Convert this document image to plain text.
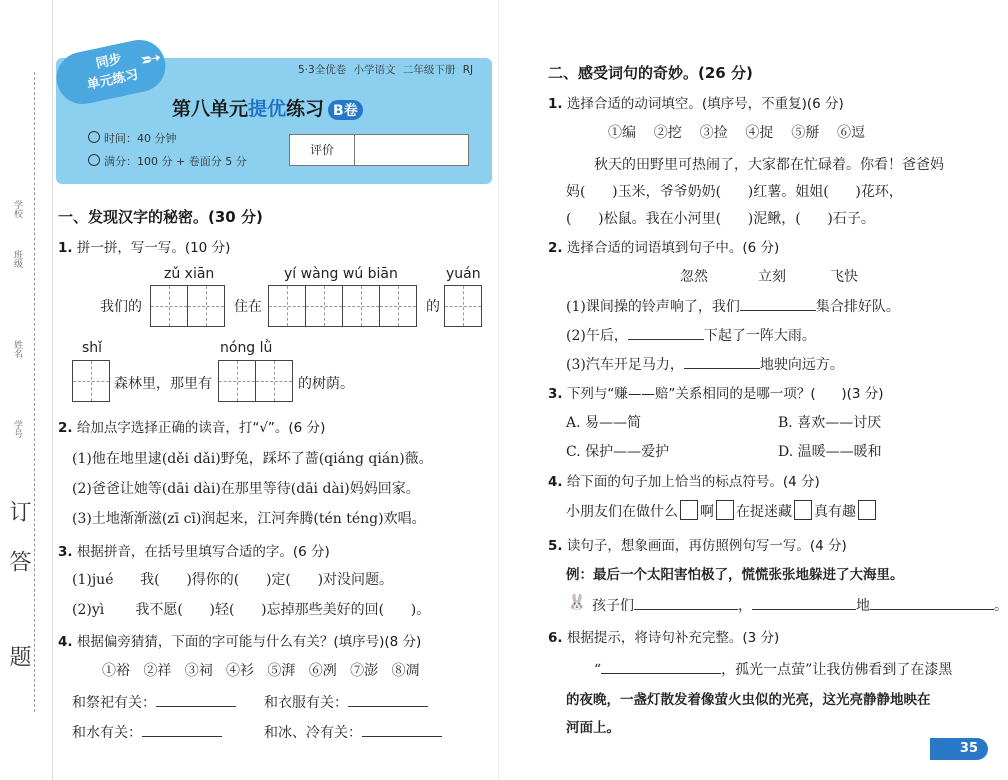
学校
班级
姓名
学号
订
答
题
同步
单元练习
➶	5·3全优卷 小学语文 二年级下册 RJ
第八单元提优练习 B卷
时间：40 分钟
满分：100 分 + 卷面分 5 分
评价
一、发现汉字的秘密。(30 分)
1. 拼一拼，写一写。(10 分)
zǔ xiān	yí wàng wú biān	yuán
我们的	住在	的
shǐ	nóng lǜ
森林里，那里有	的树荫。
2. 给加点字选择正确的读音，打“√”。(6 分)
(1)他在地里逮(děi dǎi)野兔，踩坏了蔷(qiáng qián)薇。
(2)爸爸让她等(dāi dài)在那里等待(dāi dài)妈妈回家。
(3)土地渐渐滋(zī cī)润起来，江河奔腾(tén téng)欢唱。
3. 根据拼音，在括号里填写合适的字。(6 分)
(1)jué      我(      )得你的(      )定(      )对没问题。
(2)yì       我不愿(      )轻(      )忘掉那些美好的回(      )。
4. 根据偏旁猜猜，下面的字可能与什么有关？(填序号)(8 分)
①裕   ②祥   ③祠   ④衫   ⑤湃   ⑥冽   ⑦澎   ⑧凋
和祭祀有关：	和衣服有关：
和水有关：	和冰、冷有关：
二、感受词句的奇妙。(26 分)
1. 选择合适的动词填空。(填序号，不重复)(6 分)
①编    ②挖    ③捡    ④捉    ⑤掰    ⑥逗
秋天的田野里可热闹了，大家都在忙碌着。你看！爸爸妈
妈(      )玉米，爷爷奶奶(      )红薯。姐姐(      )花环，
(      )松鼠。我在小河里(      )泥鳅，(      )石子。
2. 选择合适的词语填到句子中。(6 分)
忽然	立刻	飞快
(1)课间操的铃声响了，我们	集合排好队。
(2)午后，	下起了一阵大雨。
(3)汽车开足马力，	地驶向远方。
3. 下列与“赚——赔”关系相同的是哪一项？(      )(3 分)
A. 易——简	B. 喜欢——讨厌
C. 保护——爱护	D. 温暖——暖和
4. 给下面的句子加上恰当的标点符号。(4 分)
小朋友们在做什么 啊 在捉迷藏 真有趣
5. 读句子，想象画面，再仿照例句写一写。(4 分)
例：最后一个太阳害怕极了，慌慌张张地躲进了大海里。
🐰 孩子们	，	地	。
6. 根据提示，将诗句补充完整。(3 分)
“	，孤光一点萤”让我仿佛看到了在漆黑
的夜晚，一盏灯散发着像萤火虫似的光亮，这光亮静静地映在
河面上。
35
